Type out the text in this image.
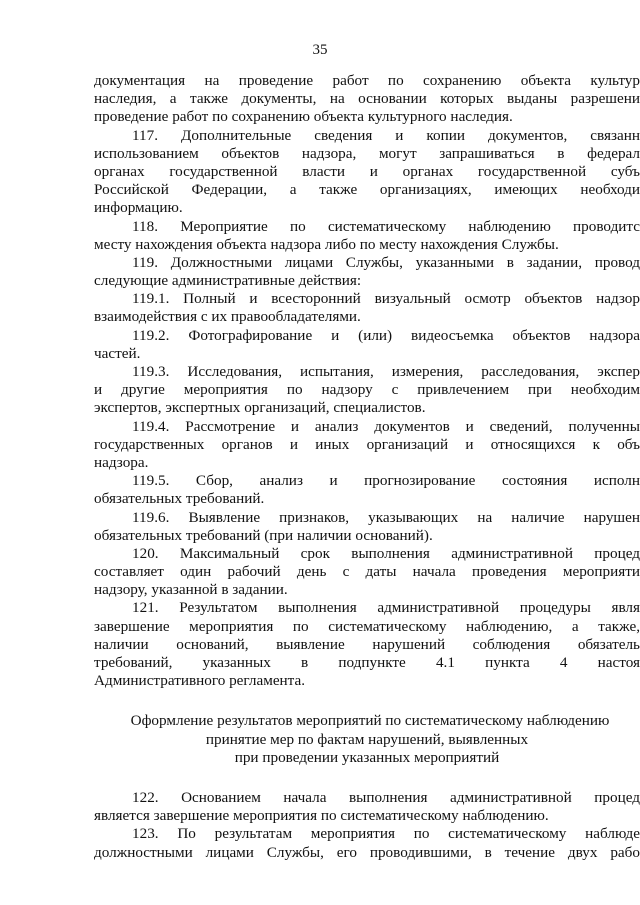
35
документация на проведение работ по сохранению объекта культур
наследия, а также документы, на основании которых выданы разрешени
проведение работ по сохранению объекта культурного наследия.
117. Дополнительные сведения и копии документов, связанн
использованием объектов надзора, могут запрашиваться в федерал
органах государственной власти и органах государственной субъ
Российской Федерации, а также организациях, имеющих необходи
информацию.
118. Мероприятие по систематическому наблюдению проводитс
месту нахождения объекта надзора либо по месту нахождения Службы.
119. Должностными лицами Службы, указанными в задании, провод
следующие административные действия:
119.1. Полный и всесторонний визуальный осмотр объектов надзор
взаимодействия с их правообладателями.
119.2. Фотографирование и (или) видеосъемка объектов надзора
частей.
119.3. Исследования, испытания, измерения, расследования, экспер
и другие мероприятия по надзору с привлечением при необходим
экспертов, экспертных организаций, специалистов.
119.4. Рассмотрение и анализ документов и сведений, полученны
государственных органов и иных организаций и относящихся к объ
надзора.
119.5. Сбор, анализ и прогнозирование состояния исполн
обязательных требований.
119.6. Выявление признаков, указывающих на наличие нарушен
обязательных требований (при наличии оснований).
120. Максимальный срок выполнения административной процед
составляет один рабочий день с даты начала проведения мероприяти
надзору, указанной в задании.
121. Результатом выполнения административной процедуры явля
завершение мероприятия по систематическому наблюдению, а также,
наличии оснований, выявление нарушений соблюдения обязатель
требований, указанных в подпункте 4.1 пункта 4 настоя
Административного регламента.
Оформление результатов мероприятий по систематическому наблюдению
принятие мер по фактам нарушений, выявленных
при проведении указанных мероприятий
122. Основанием начала выполнения административной процед
является завершение мероприятия по систематическому наблюдению.
123. По результатам мероприятия по систематическому наблюде
должностными лицами Службы, его проводившими, в течение двух рабо
